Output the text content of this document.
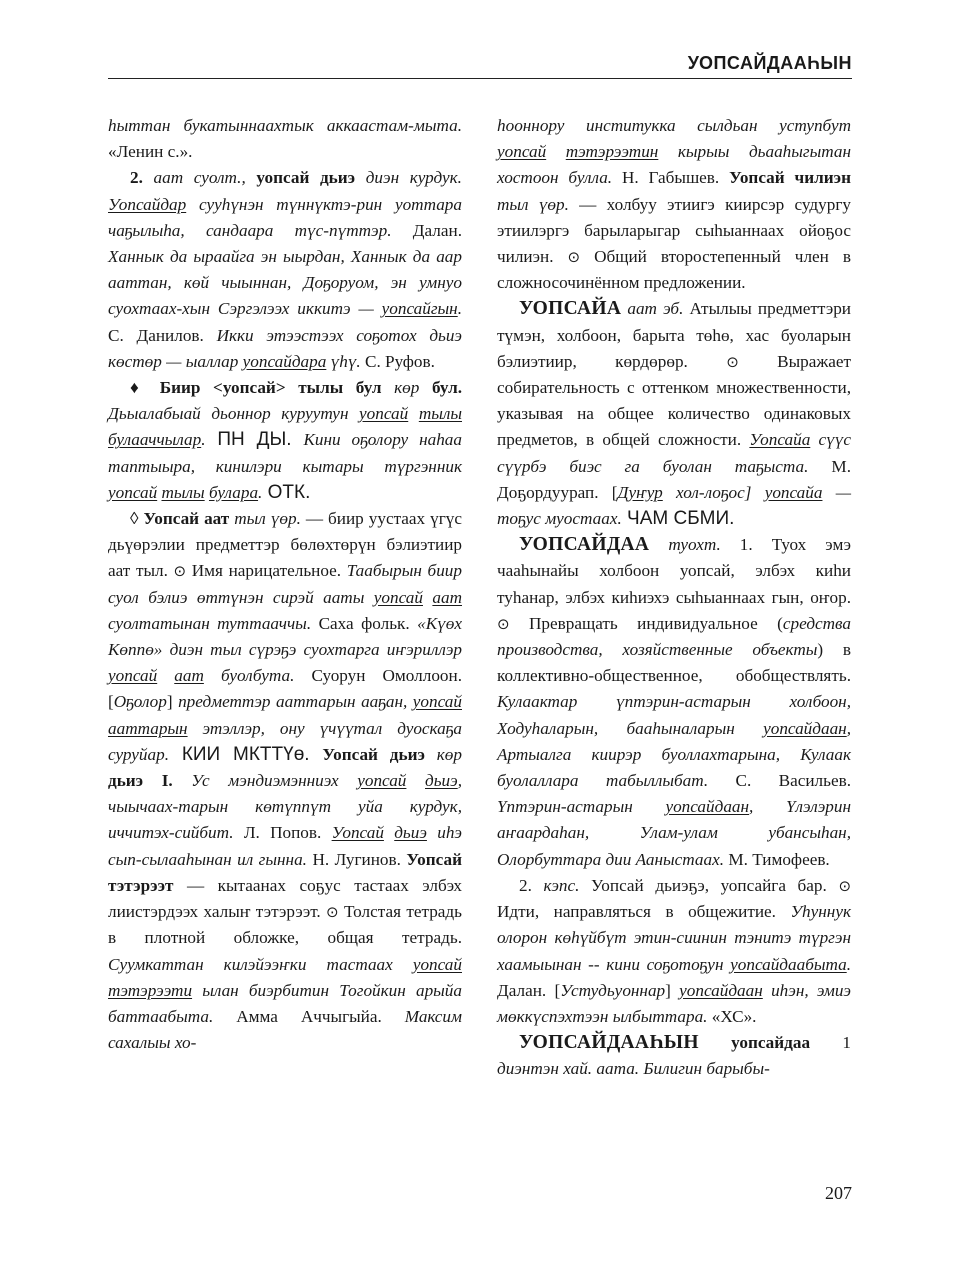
УОПСАЙДААҺЫН

һыттан букатыннаахтык аккаастам-мыта. «Ленин с.».

2. аат суолт., уопсай дьиэ диэн курдук. Уопсайдар сууһүнэн түннүктэ-рин уоттара чаҕылыһа, сандаара түс-пүттэр. Далан. Ханнык да ыраайга эн ыырдан, Ханнык да аар ааттан, көй чыыннан, Доҕоруом, эн умнуо суохтаах-хын Сэргэлээх иккитэ — уопсайгын. С. Данилов. Икки этээстээх соҕотох дьиэ көстөр — ыаллар уопсайдара үһү. С. Руфов.

♦ Биир <уопсай> тылы бул көр бул. Дьыалабыай дьоннор куруутун уопсай тылы булааччылар. ПН ДЫ. Кини оҕолору наһаа таптыыра, кинилэри кытары түргэнник уопсай тылы булара. ОТК.

◊ Уопсай аат тыл үөр. — биир уустаах үгүс дьүөрэлии предметтэр бөлөхтөрүн бэлиэтиир аат тыл. ⊙ Имя нарицательное. Таабырын биир суол бэлиэ өттүнэн сирэй ааты уопсай аат суолтатынан туттааччы. Саха фольк. «Күөх Көппө» диэн тыл сүрэҕэ суохтарга иҥэриллэр уопсай аат буолбута. Суорун Омоллоон. [Оҕолор] предметтэр ааттарын ааҕан, уопсай ааттарын этэллэр, ону үчүүтал дуоскаҕа суруйар. КИИ МКТТҮө. Уопсай дьиэ көр дьиэ I. Ус мэндиэмэнниэх уопсай дьиэ, чыычаах-тарын көтүппүт уйа курдук, иччитэх-сийбит. Л. Попов. Уопсай дьиэ иһэ сып-сылааһынан ил гынна. Н. Лугинов. Уопсай тэтэрээт — кытаанах соҕус тастаах элбэх лиистэрдээх халыҥ тэтэрээт. ⊙ Толстая тетрадь в плотной обложке, общая тетрадь. Суумкаттан килэйээҥки тастаах уопсай тэтэрээти ылан биэрбитин Тогойкин арыйа баттаабыта. Амма Аччыгыйа. Максим сахалыы хо-

һооннору институкка сылдьан уступбут уопсай тэтэрээтин кырыы дьааһыгытан хостоон булла. Н. Габышев. Уопсай чилиэн тыл үөр. — холбуу этиигэ киирсэр судургу этиилэргэ барыларыгар сыһыаннаах ойоҕос чилиэн. ⊙ Общий второстепенный член в сложносочинённом предложении.

УОПСАЙА аат эб. Атылыы предметтэри түмэн, холбоон, барыта төһө, хас буоларын бэлиэтиир, көрдөрөр. ⊙ Выражает собирательность с оттенком множественности, указывая на общее количество одинаковых предметов, в общей сложности. Уопсайа сүүс сүүрбэ биэс га буолан таҕыста. М. Доҕордуурап. [Дуҥур хол-лоҕос] уопсайа — тоҕус муостаах. ЧАМ СБМИ.

УОПСАЙДАА туохт. 1. Туох эмэ чааһынайы холбоон уопсай, элбэх киһи туһанар, элбэх киһиэхэ сыһыаннаах гын, оҥор. ⊙ Превращать индивидуальное (средства производства, хозяйственные объекты) в коллективно-общественное, обобществлять. Кулаактар үптэрин-астарын холбоон, Ходуһаларын, бааһыналарын уопсайдаан, Артыалга киирэр буоллахтарына, Кулаак буолаллара табыллыбат. С. Васильев. Үптэрин-астарын уопсайдаан, Үлэлэрин аҥаардаһан, Улам-улам убансыһан, Олорбуттара дии Ааныстаах. М. Тимофеев.

2. кэпс. Уопсай дьиэҕэ, уопсайга бар. ⊙ Идти, направляться в общежитие. Уһуннук олорон көһүйбүт этин-сиинин тэнитэ түргэн хаамыынан -- кини соҕотоҕун уопсайдаабыта. Далан. [Устудьуоннар] уопсайдаан иһэн, эмиэ мөккүспэхтээн ылбыттара. «ХС».

УОПСАЙДААҺЫН уопсайдаа 1 диэнтэн хай. аата. Билигин барыбы-

207
